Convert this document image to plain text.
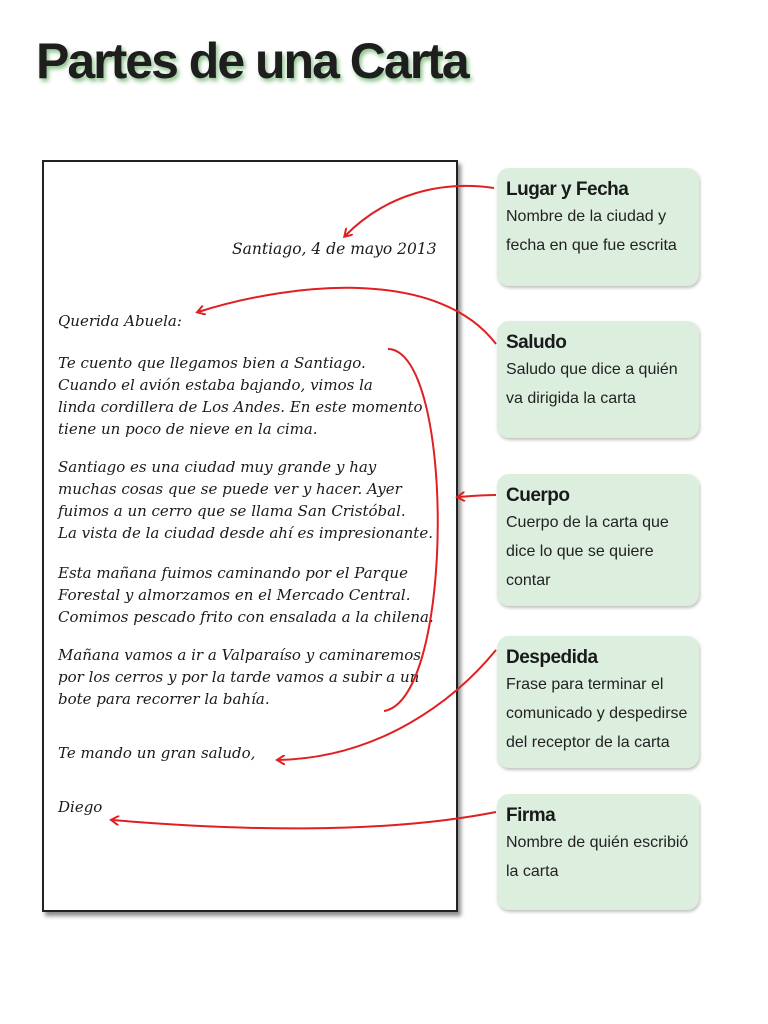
Partes de una Carta
Santiago, 4 de mayo 2013
Querida Abuela:
Te cuento que llegamos bien a Santiago.
Cuando el avión estaba bajando, vimos la
linda cordillera de Los Andes. En este momento
tiene un poco de nieve en la cima.
Santiago es una ciudad muy grande y hay
muchas cosas que se puede ver y hacer. Ayer
fuimos a un cerro que se llama San Cristóbal.
La vista de la ciudad desde ahí es impresionante.
Esta mañana fuimos caminando por el Parque
Forestal y almorzamos en el Mercado Central.
Comimos pescado frito con ensalada a la chilena.
Mañana vamos a ir a Valparaíso y caminaremos
por los cerros y por la tarde vamos a subir a un
bote para recorrer la bahía.
Te mando un gran saludo,
Diego
Lugar y Fecha
Nombre de la ciudad y
fecha en que fue escrita
Saludo
Saludo que dice a quién
va dirigida la carta
Cuerpo
Cuerpo de la carta que
dice lo que se quiere
contar
Despedida
Frase para terminar el
comunicado y despedirse
del receptor de la carta
Firma
Nombre de quién escribió
la carta
